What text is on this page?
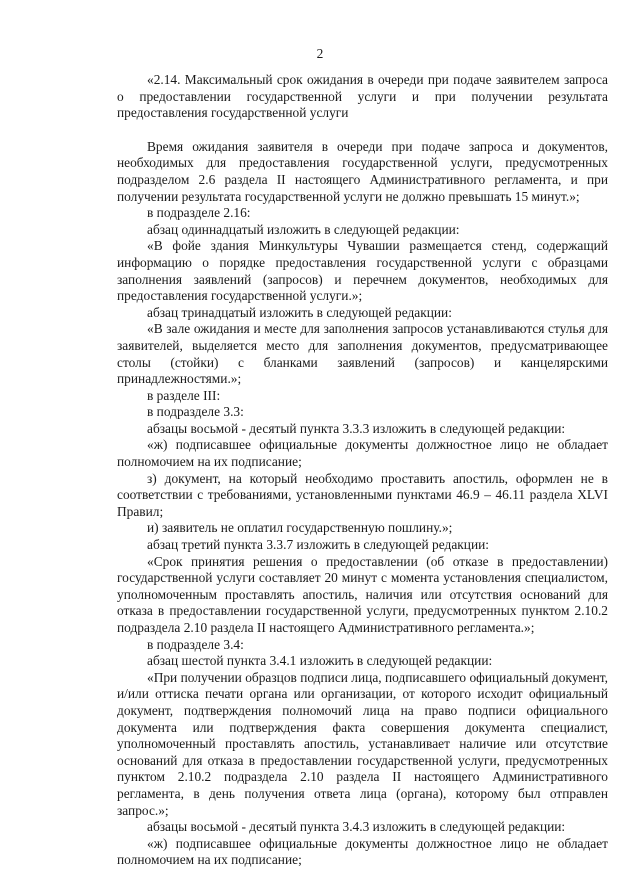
2

«2.14. Максимальный срок ожидания в очереди при подаче заявителем запроса о предоставлении государственной услуги и при получении результата предоставления государственной услуги

Время ожидания заявителя в очереди при подаче запроса и документов, необходимых для предоставления государственной услуги, предусмотренных подразделом 2.6 раздела II настоящего Административного регламента, и при получении результата государственной услуги не должно превышать 15 минут.»;

в подразделе 2.16:

абзац одиннадцатый изложить в следующей редакции:

«В фойе здания Минкультуры Чувашии размещается стенд, содержащий информацию о порядке предоставления государственной услуги с образцами заполнения заявлений (запросов) и перечнем документов, необходимых для предоставления государственной услуги.»;

абзац тринадцатый изложить в следующей редакции:

«В зале ожидания и месте для заполнения запросов устанавливаются стулья для заявителей, выделяется место для заполнения документов, предусматривающее столы (стойки) с бланками заявлений (запросов) и канцелярскими принадлежностями.»;

в разделе III:

в подразделе 3.3:

абзацы восьмой - десятый пункта 3.3.3 изложить в следующей редакции:

«ж) подписавшее официальные документы должностное лицо не обладает полномочием на их подписание;

з) документ, на который необходимо проставить апостиль, оформлен не в соответствии с требованиями, установленными пунктами 46.9 – 46.11 раздела XLVI Правил;

и) заявитель не оплатил государственную пошлину.»;

абзац третий пункта 3.3.7 изложить в следующей редакции:

«Срок принятия решения о предоставлении (об отказе в предоставлении) государственной услуги составляет 20 минут с момента установления специалистом, уполномоченным проставлять апостиль, наличия или отсутствия оснований для отказа в предоставлении государственной услуги, предусмотренных пунктом 2.10.2 подраздела 2.10 раздела II настоящего Административного регламента.»;

в подразделе 3.4:

абзац шестой пункта 3.4.1 изложить в следующей редакции:

«При получении образцов подписи лица, подписавшего официальный документ, и/или оттиска печати органа или организации, от которого исходит официальный документ, подтверждения полномочий лица на право подписи официального документа или подтверждения факта совершения документа специалист, уполномоченный проставлять апостиль, устанавливает наличие или отсутствие оснований для отказа в предоставлении государственной услуги, предусмотренных пунктом 2.10.2 подраздела 2.10 раздела II настоящего Административного регламента, в день получения ответа лица (органа), которому был отправлен запрос.»;

абзацы восьмой - десятый пункта 3.4.3 изложить в следующей редакции:

«ж) подписавшее официальные документы должностное лицо не обладает полномочием на их подписание;
